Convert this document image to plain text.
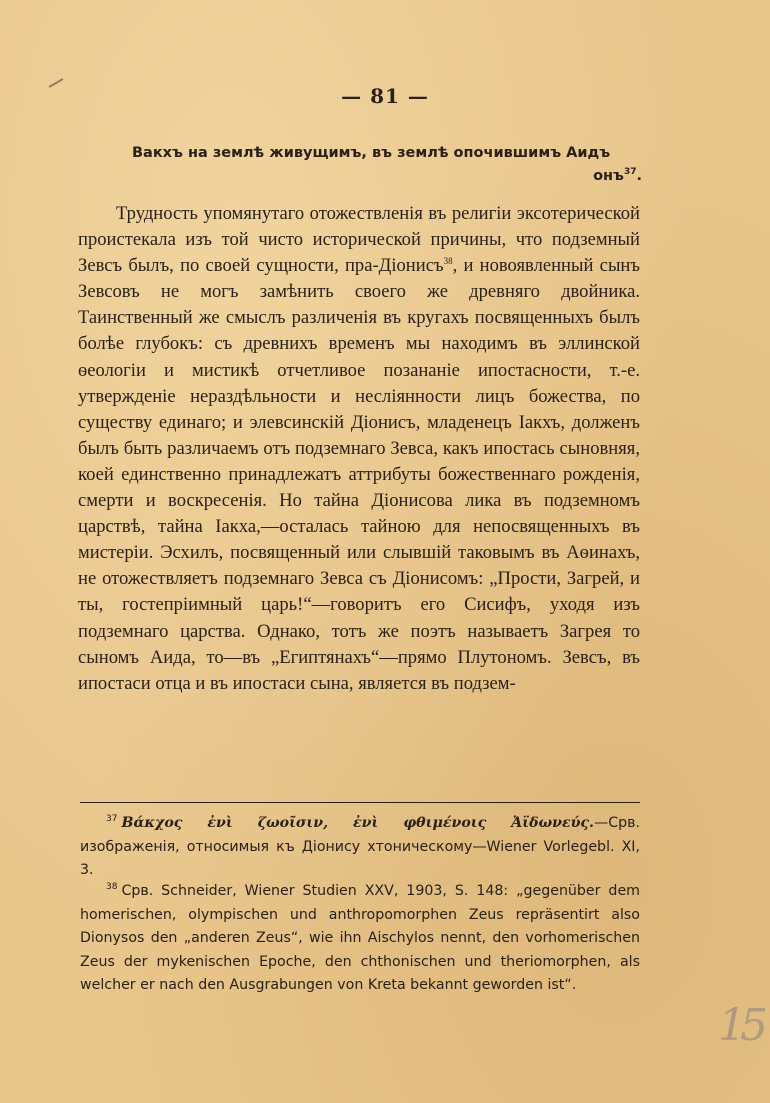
— 81 —
Вакхъ на землѣ живущимъ, въ землѣ опочившимъ Аидъ
онъ$^{37}$.

Трудность упомянутаго отожествленія въ религіи эксотерической проистекала изъ той чисто исторической причины, что подземный Зевсъ былъ, по своей сущности, пра-Діонисъ$^{38}$, и новоявленный сынъ Зевсовъ не могъ замѣнить своего же древняго двойника. Таинственный же смыслъ различенія въ кругахъ посвященныхъ былъ болѣе глубокъ: съ древнихъ временъ мы находимъ въ эллинской ѳеологіи и мистикѣ отчетливое позананіе ипостасности, т.-е. утвержденіе нераздѣльности и неслiянности лицъ божества, по существу единаго; и элевсинскій Діонисъ, младенецъ Іакхъ, долженъ былъ быть различаемъ отъ подземнаго Зевса, какъ ипостась сыновняя, коей единственно принадлежатъ аттрибуты божественнаго рожденія, смерти и воскресенія. Но тайна Діонисова лика въ подземномъ царствѣ, тайна Іакха,—осталась тайною для непосвященныхъ въ мистеріи. Эсхилъ, посвященный или слывшій таковымъ въ Аѳинахъ, не отожествляетъ подземнаго Зевса съ Діонисомъ: „Прости, Загрей, и ты, гостепріимный царь!“—говоритъ его Сисифъ, уходя изъ подземнаго царства. Однако, тотъ же поэтъ называетъ Загрея то сыномъ Аида, то—въ „Египтянахъ“—прямо Плутономъ. Зевсъ, въ ипостаси отца и въ ипостаси сына, является въ подзем-

$^{37}$ Βάκχος ἐνὶ ζωοῖσιν, ἐνὶ φθιμένοις Ἀϊδωνεύς.—Срв. изображенія, относимыя къ Діонису хтоническому—Wiener Vorlegebl. XI, 3.

$^{38}$ Срв. Schneider, Wiener Studien XXV, 1903, S. 148: „gegenüber dem homerischen, olympischen und anthropomorphen Zeus repräsentirt also Dionysos den „anderen Zeus“, wie ihn Aischylos nennt, den vorhomerischen Zeus der mykenischen Epoche, den chthonischen und theriomorphen, als welcher er nach den Ausgrabungen von Kreta bekannt geworden ist“.

15
